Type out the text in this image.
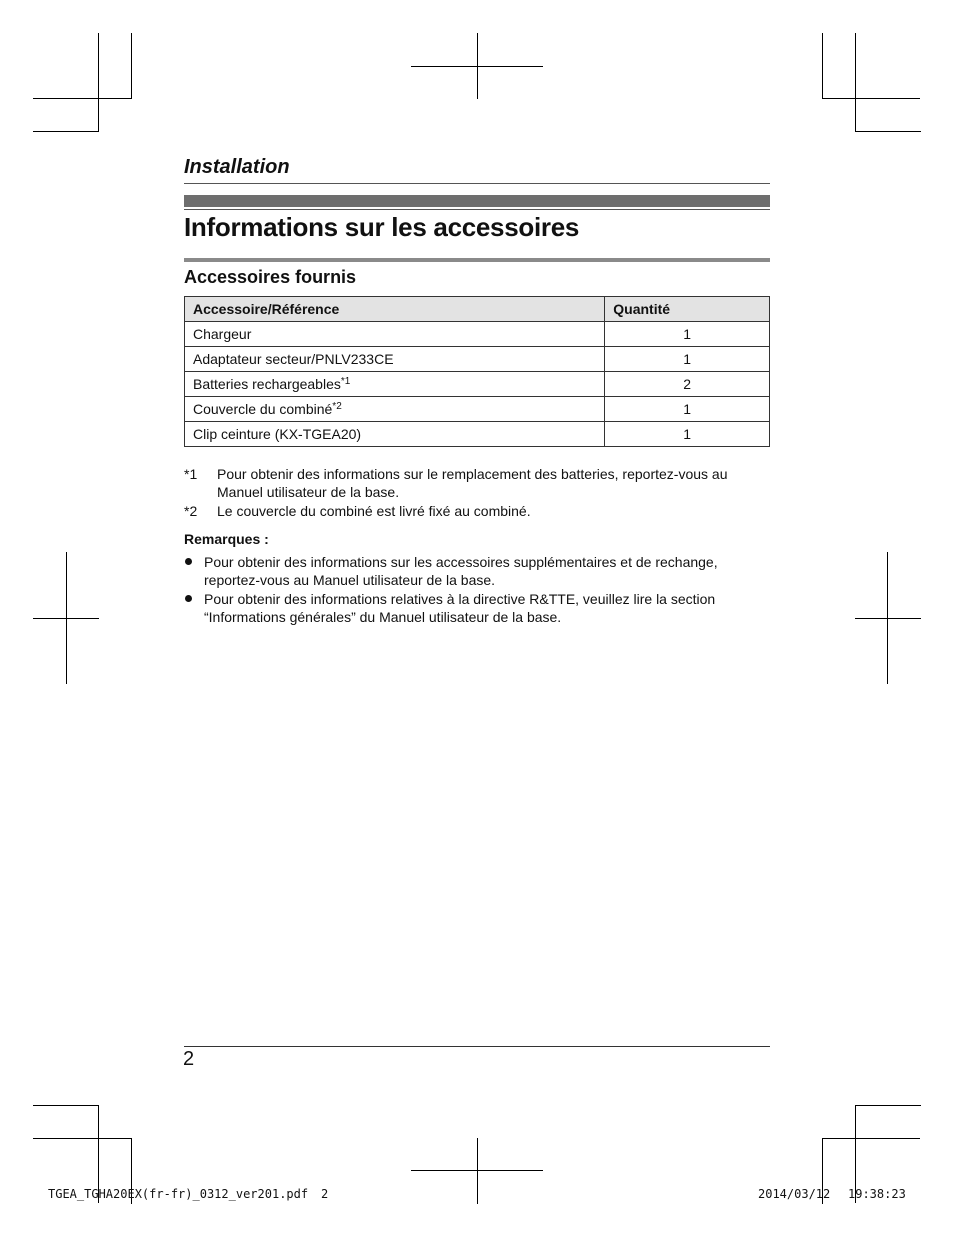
Installation
Informations sur les accessoires
Accessoires fournis
Accessoire/Référence	Quantité
Chargeur	1
Adaptateur secteur/PNLV233CE	1
Batteries rechargeables$^{*1}$	2
Couvercle du combiné$^{*2}$	1
Clip ceinture (KX-TGEA20)	1
*1 Pour obtenir des informations sur le remplacement des batteries, reportez-vous au Manuel utilisateur de la base.
*2 Le couvercle du combiné est livré fixé au combiné.
Remarques :
Pour obtenir des informations sur les accessoires supplémentaires et de rechange, reportez-vous au Manuel utilisateur de la base.
Pour obtenir des informations relatives à la directive R&TTE, veuillez lire la section “Informations générales” du Manuel utilisateur de la base.
2
TGEA_TGHA20EX(fr-fr)_0312_ver201.pdf 2	2014/03/12 19:38:23
